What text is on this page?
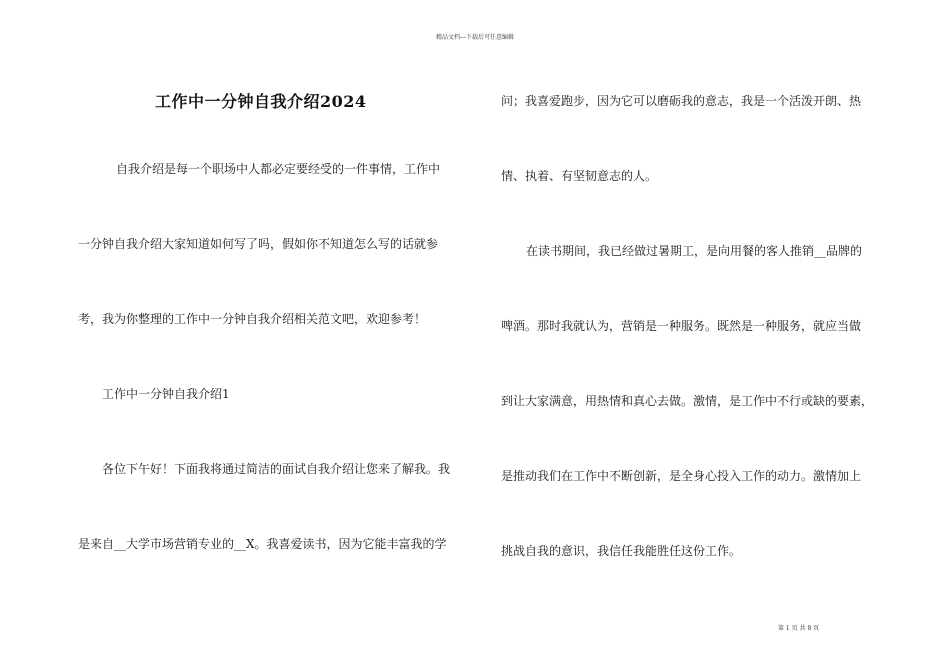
精品文档---下载后可任意编辑
工作中一分钟自我介绍2024
自我介绍是每一个职场中人都必定要经受的一件事情，工作中
一分钟自我介绍大家知道如何写了吗，假如你不知道怎么写的话就参
考，我为你整理的工作中一分钟自我介绍相关范文吧，欢迎参考！
工作中一分钟自我介绍1
各位下午好！下面我将通过简洁的面试自我介绍让您来了解我。我
是来自__大学市场营销专业的__X。我喜爱读书，因为它能丰富我的学
问；我喜爱跑步，因为它可以磨砺我的意志，我是一个活泼开朗、热
情、执着、有坚韧意志的人。
在读书期间，我已经做过暑期工，是向用餐的客人推销__品牌的
啤酒。那时我就认为，营销是一种服务。既然是一种服务，就应当做
到让大家满意，用热情和真心去做。激情，是工作中不行或缺的要素，
是推动我们在工作中不断创新，是全身心投入工作的动力。激情加上
挑战自我的意识，我信任我能胜任这份工作。
第 1 页 共 8 页
